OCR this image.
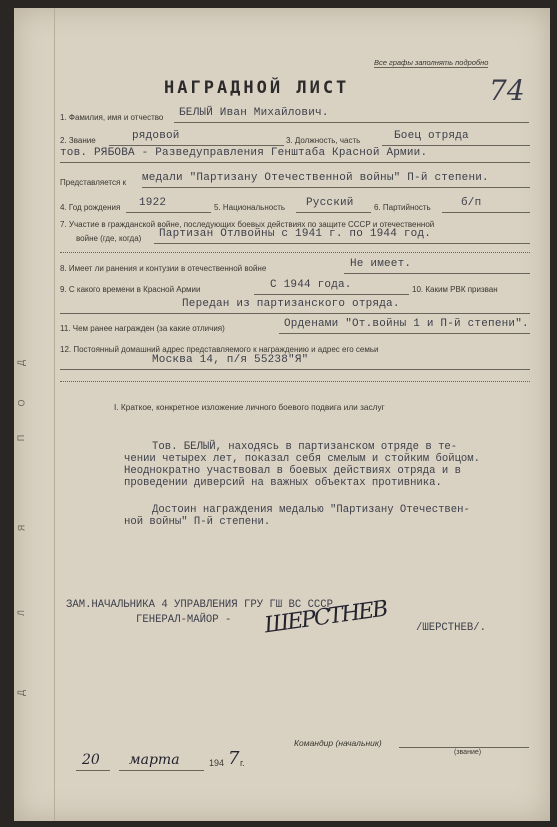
Д
Л
Я
П
О
Д
Все графы заполнять подробно
74
НАГРАДНОЙ ЛИСТ
1. Фамилия, имя и отчество БЕЛЫЙ Иван Михайлович.
2. Звание	рядовой	3. Должность, часть	Боец отряда
тов. РЯБОВА - Разведуправления Генштаба Красной Армии.
Представляется к медали "Партизану Отечественной войны" П-й степени.
4. Год рождения 1922	5. Национальность Русский	6. Партийность	б/п
7. Участие в гражданской войне, последующих боевых действиях по защите СССР и отечественной
войне (где, когда) Партизан Отлвойны с 1941 г. по 1944 год.
8. Имеет ли ранения и контузии в отечественной войне	Не имеет.
9. С какого времени в Красной Армии	С 1944 года.	10. Каким РВК призван
Передан из партизанского отряда.
11. Чем ранее награжден (за какие отличия)	Орденами "От.войны 1 и П-й степени".
12. Постоянный домашний адрес представляемого к награждению и адрес его семьи
Москва 14, п/я 55238"Я"
I. Краткое, конкретное изложение личного боевого подвига или заслуг
Тов. БЕЛЫЙ, находясь в партизанском отряде в те-
чении четырех лет, показал себя смелым и стойким бойцом.
Неоднократно участвовал в боевых действиях отряда и в
проведении диверсий на важных объектах противника.
Достоин награждения медалью "Партизану Отечествен-
ной войны" П-й степени.
ЗАМ.НАЧАЛЬНИКА 4 УПРАВЛЕНИЯ ГРУ ГШ ВС СССР
ГЕНЕРАЛ-МАЙОР - ШЕРСТНЕВ	/ШЕРСТНЕВ/.
Командир (начальник)
(звание)
20 марта	194 7 г.
